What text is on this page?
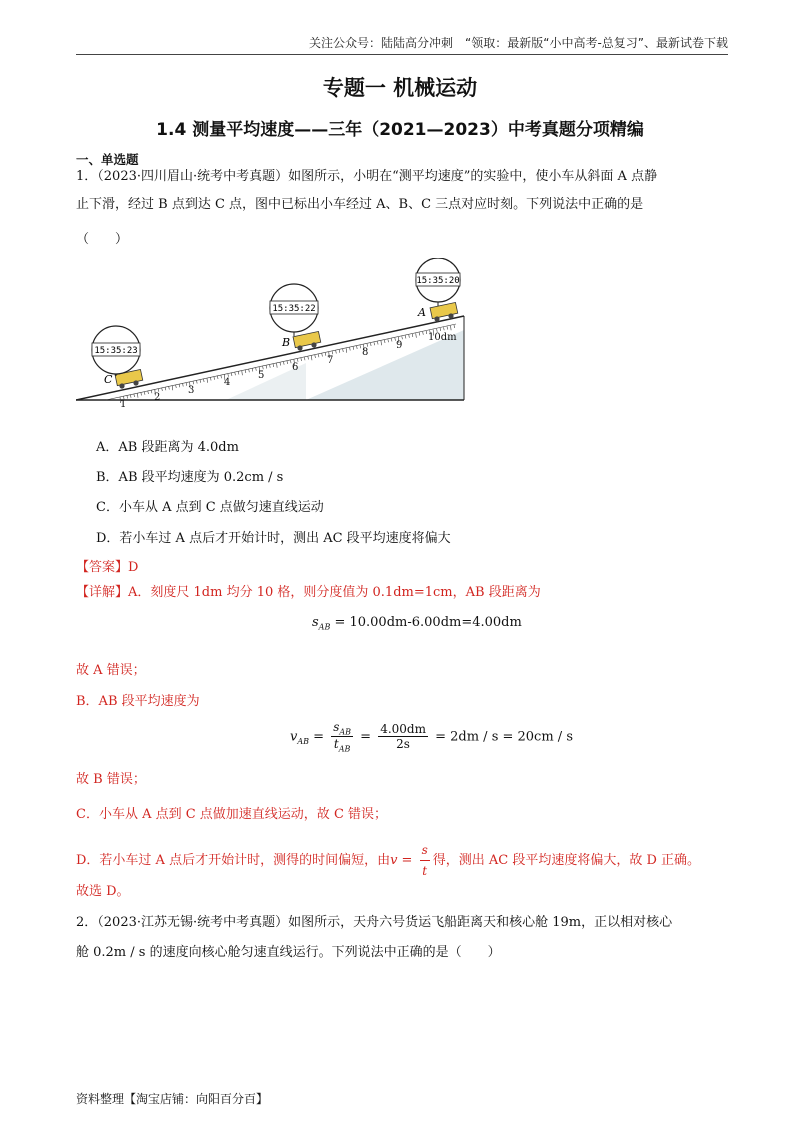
关注公众号：陆陆高分冲刺　“领取：最新版“小中高考-总复习”、最新试卷下载
专题一 机械运动
1.4 测量平均速度——三年（2021—2023）中考真题分项精编
一、单选题
1．（2023·四川眉山·统考中考真题）如图所示，小明在“测平均速度”的实验中，使小车从斜面 A 点静
止下滑，经过 B 点到达 C 点，图中已标出小车经过 A、B、C 三点对应时刻。下列说法中正确的是
（　　）
1
2
3
4
5
6
7
8
9
10dm
C
B
A
15:35:23
15:35:22
15:35:20
A．AB 段距离为 4.0dm
B．AB 段平均速度为 0.2cm / s
C．小车从 A 点到 C 点做匀速直线运动
D．若小车过 A 点后才开始计时，测出 AC 段平均速度将偏大
【答案】D
【详解】A．刻度尺 1dm 均分 10 格，则分度值为 0.1dm=1cm，AB 段距离为
$s_{AB} = 10.00dm-6.00dm=4.00dm$
故 A 错误；
B．AB 段平均速度为
$v_{AB} = \frac{s_{AB}}{t_{AB}} = \frac{4.00dm}{2s} = 2dm / s = 20cm / s$
故 B 错误；
C．小车从 A 点到 C 点做加速直线运动，故 C 错误；
D．若小车过 A 点后才开始计时，测得的时间偏短，由$v = \frac{s}{t}$ 得，测出 AC 段平均速度将偏大，故 D 正确。
故选 D。
2．（2023·江苏无锡·统考中考真题）如图所示，天舟六号货运飞船距离天和核心舱 19m，正以相对核心
舱 0.2m / s 的速度向核心舱匀速直线运行。下列说法中正确的是（　　）
资料整理【淘宝店铺：向阳百分百】
